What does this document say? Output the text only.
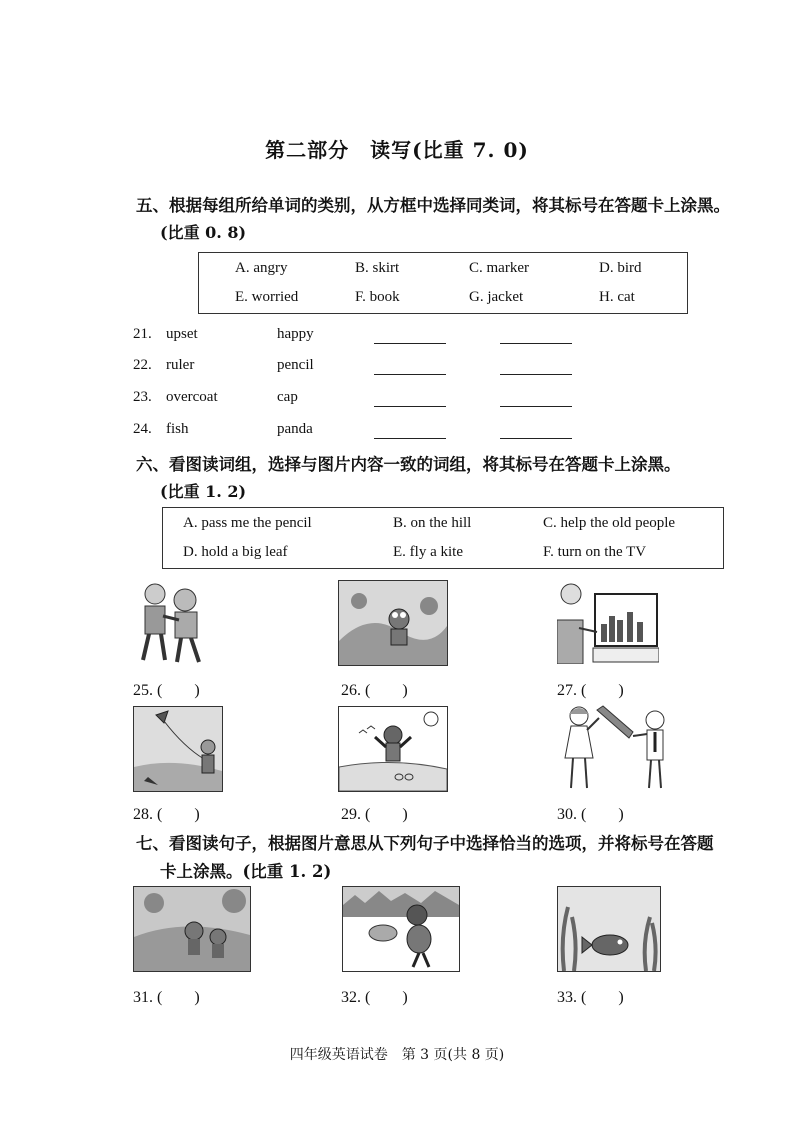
第二部分　读写(比重 7. 0)
五、根据每组所给单词的类别，从方框中选择同类词，将其标号在答题卡上涂黑。
(比重 0. 8)
A. angry	B. skirt	C. marker	D. bird
E. worried	F. book	G. jacket	H. cat
21. upset	happy
22. ruler	pencil
23. overcoat	cap
24. fish	panda
六、看图读词组，选择与图片内容一致的词组，将其标号在答题卡上涂黑。
(比重 1. 2)
A. pass me the pencil	B. on the hill	C. help the old people
D. hold a big leaf	E. fly a kite	F. turn on the TV
25. (　　)	26. (　　)	27. (　　)
28. (　　)	29. (　　)	30. (　　)
七、看图读句子，根据图片意思从下列句子中选择恰当的选项，并将标号在答题
卡上涂黑。(比重 1. 2)
31. (　　)	32. (　　)	33. (　　)
四年级英语试卷　第 3 页(共 8 页)
